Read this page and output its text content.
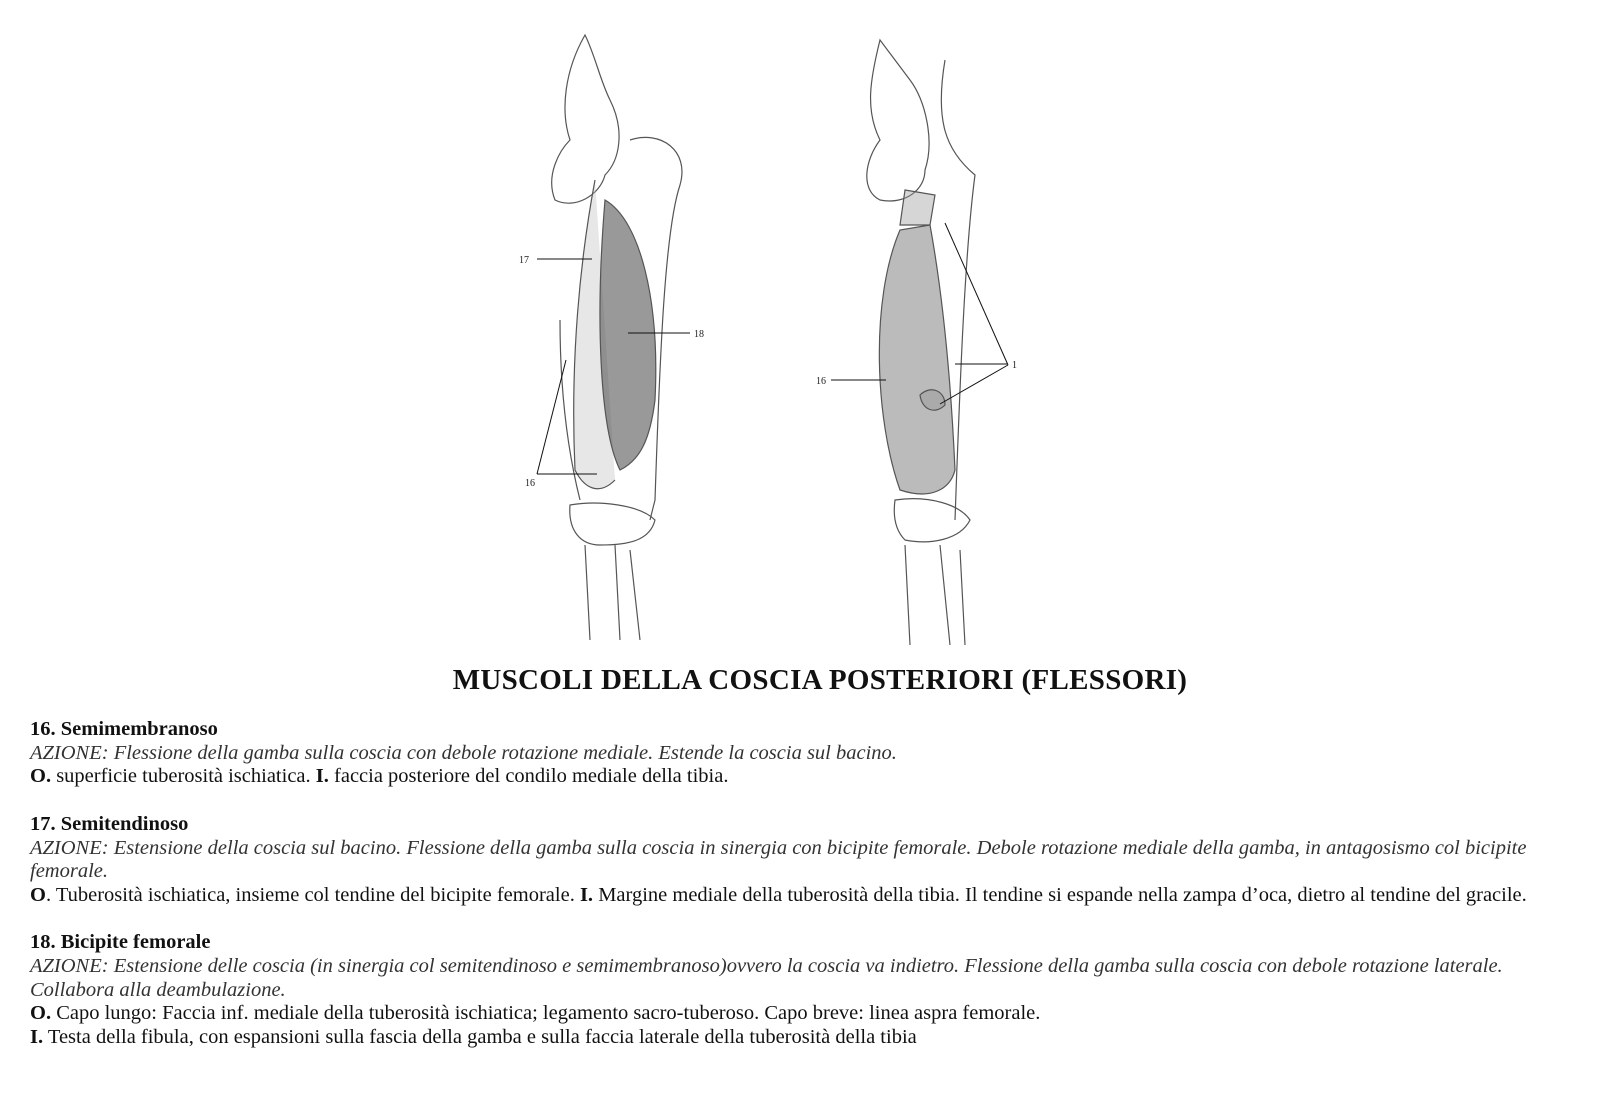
17
18
16
16
1
MUSCOLI DELLA COSCIA POSTERIORI (FLESSORI)
16. Semimembranoso
AZIONE: Flessione della gamba sulla coscia con debole rotazione mediale. Estende la coscia sul bacino.
O. superficie tuberosità ischiatica. I. faccia posteriore del condilo mediale della tibia.
17. Semitendinoso
AZIONE: Estensione della coscia sul bacino. Flessione della gamba sulla coscia in sinergia con bicipite femorale. Debole rotazione mediale della gamba, in antagosismo col bicipite femorale.
O. Tuberosità ischiatica, insieme col tendine del bicipite femorale. I. Margine mediale della tuberosità della tibia. Il tendine si espande nella zampa d’oca, dietro al tendine del gracile.
18. Bicipite femorale
AZIONE: Estensione delle coscia (in sinergia col semitendinoso e semimembranoso)ovvero la coscia va indietro. Flessione della gamba sulla coscia con debole rotazione laterale. Collabora alla deambulazione.
O. Capo lungo: Faccia inf. mediale della tuberosità ischiatica; legamento sacro-tuberoso. Capo breve: linea aspra femorale.
I. Testa della fibula, con espansioni sulla fascia della gamba e sulla faccia laterale della tuberosità della tibia
